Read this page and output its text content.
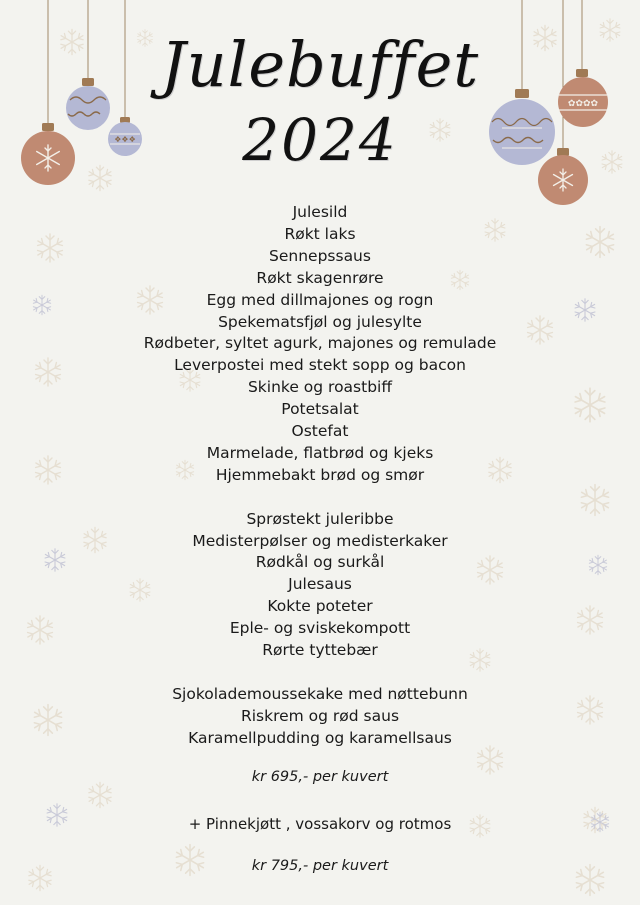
❖❖❖
✿✿✿✿
Julebuffet
2024
Julesild
Røkt laks
Sennepssaus
Røkt skagenrøre
Egg med dillmajones og rogn
Spekematsfjøl og julesylte
Rødbeter, syltet agurk, majones og remulade
Leverpostei med stekt sopp og bacon
Skinke og roastbiff
Potetsalat
Ostefat
Marmelade, flatbrød og kjeks
Hjemmebakt brød og smør
Sprøstekt juleribbe
Medisterpølser og medisterkaker
Rødkål og surkål
Julesaus
Kokte poteter
Eple- og sviskekompott
Rørte tyttebær
Sjokolademoussekake med nøttebunn
Riskrem og rød saus
Karamellpudding og karamellsaus
kr 695,- per kuvert
+ Pinnekjøtt , vossakorv og rotmos
kr 795,- per kuvert
